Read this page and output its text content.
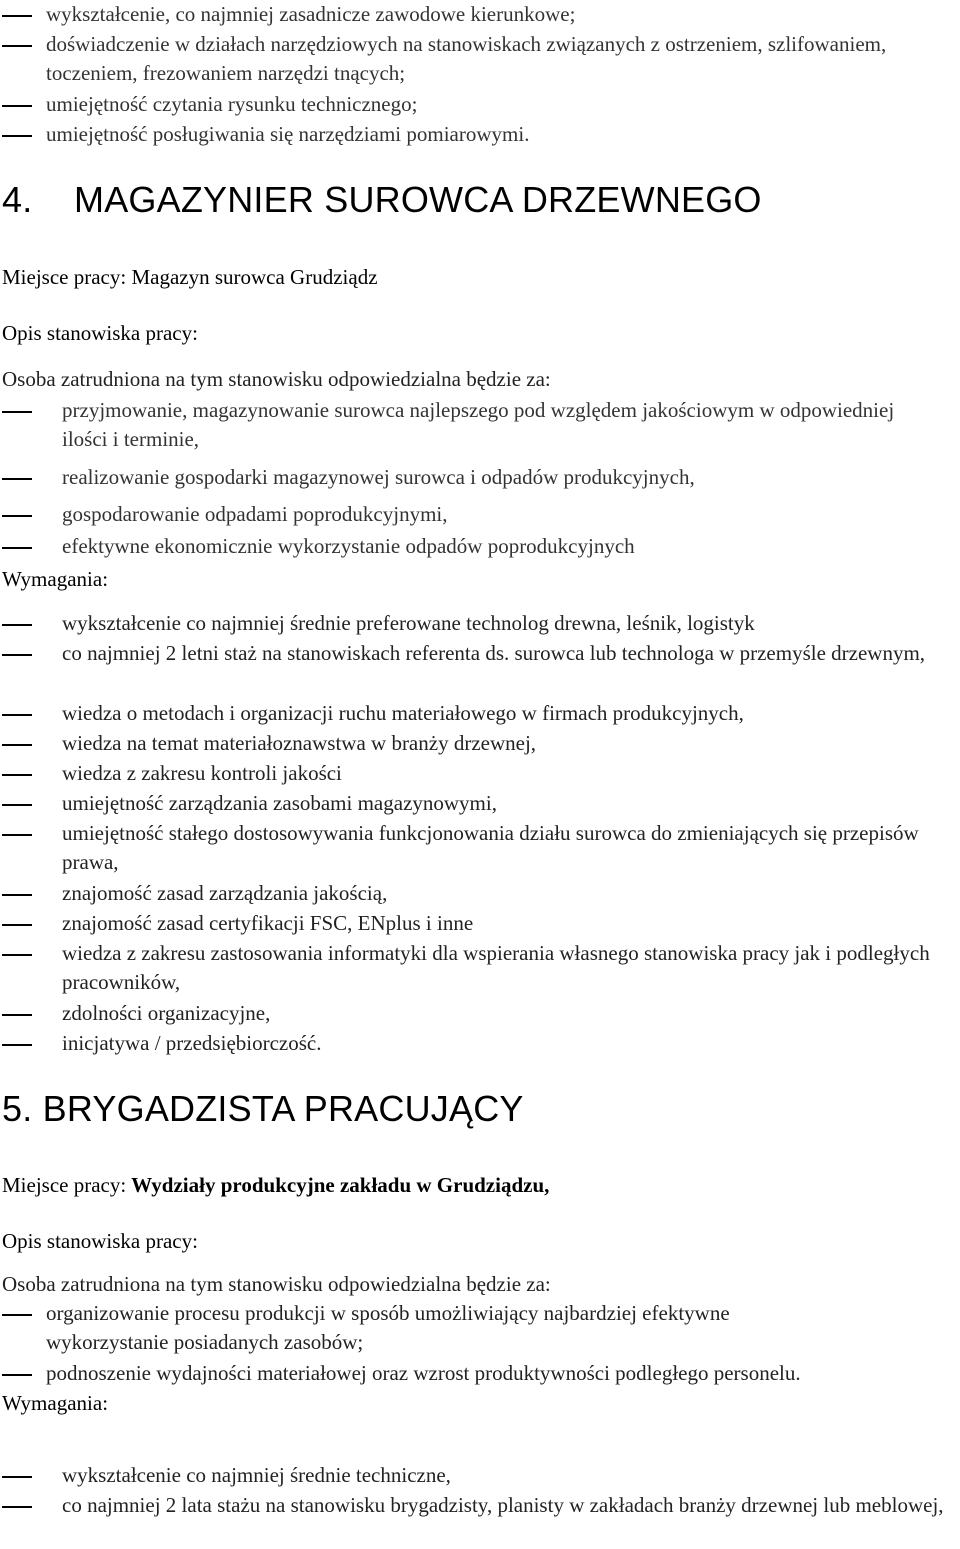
wykształcenie, co najmniej zasadnicze zawodowe kierunkowe;
doświadczenie w działach narzędziowych na stanowiskach związanych z ostrzeniem, szlifowaniem, toczeniem, frezowaniem narzędzi tnących;
umiejętność czytania rysunku technicznego;
umiejętność posługiwania się narzędziami pomiarowymi.
4. MAGAZYNIER SUROWCA DRZEWNEGO
Miejsce pracy: Magazyn surowca Grudziądz
Opis stanowiska pracy:
Osoba zatrudniona na tym stanowisku odpowiedzialna będzie za:
przyjmowanie, magazynowanie surowca najlepszego pod względem jakościowym w odpowiedniej ilości i terminie,
realizowanie gospodarki magazynowej surowca i odpadów produkcyjnych,
gospodarowanie odpadami poprodukcyjnymi,
efektywne ekonomicznie wykorzystanie odpadów poprodukcyjnych
Wymagania:
wykształcenie co najmniej średnie preferowane technolog drewna, leśnik, logistyk
co najmniej 2 letni staż na stanowiskach referenta ds. surowca lub technologa w przemyśle drzewnym,
wiedza o metodach i organizacji ruchu materiałowego w firmach produkcyjnych,
wiedza na temat materiałoznawstwa w branży drzewnej,
wiedza z zakresu kontroli jakości
umiejętność zarządzania zasobami magazynowymi,
umiejętność stałego dostosowywania funkcjonowania działu surowca do zmieniających się przepisów prawa,
znajomość zasad zarządzania jakością,
znajomość zasad certyfikacji FSC, ENplus i inne
wiedza z zakresu zastosowania informatyki dla wspierania własnego stanowiska pracy jak i podległych pracowników,
zdolności organizacyjne,
inicjatywa / przedsiębiorczość.
5. BRYGADZISTA PRACUJĄCY
Miejsce pracy: Wydziały produkcyjne zakładu w Grudziądzu,
Opis stanowiska pracy:
Osoba zatrudniona na tym stanowisku odpowiedzialna będzie za:
organizowanie procesu produkcji w sposób umożliwiający najbardziej efektywne wykorzystanie posiadanych zasobów;
podnoszenie wydajności materiałowej oraz wzrost produktywności podległego personelu.
Wymagania:
wykształcenie co najmniej średnie techniczne,
co najmniej 2 lata stażu na stanowisku brygadzisty, planisty w zakładach branży drzewnej lub meblowej,
